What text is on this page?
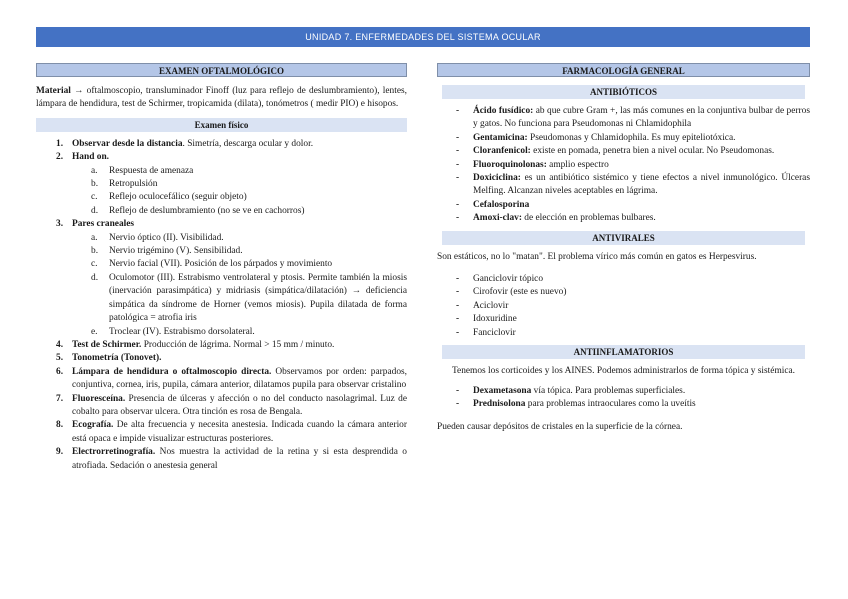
UNIDAD 7. ENFERMEDADES DEL SISTEMA OCULAR
EXAMEN OFTALMOLÓGICO

Material → oftalmoscopio, transluminador Finoff (luz para reflejo de deslumbramiento), lentes, lámpara de hendidura, test de Schirmer, tropicamida (dilata), tonómetros ( medir PIO) e hisopos.

Examen físico
1. Observar desde la distancia. Simetría, descarga ocular y dolor.
2. Hand on.
a. Respuesta de amenaza
b. Retropulsión
c. Reflejo oculocefálico (seguir objeto)
d. Reflejo de deslumbramiento (no se ve en cachorros)
3. Pares craneales
a. Nervio óptico (II). Visibilidad.
b. Nervio trigémino (V). Sensibilidad.
c. Nervio facial (VII). Posición de los párpados y movimiento
d. Oculomotor (III). Estrabismo ventrolateral y ptosis. Permite también la miosis (inervación parasimpática) y midriasis (simpática/dilatación) → deficiencia simpática da síndrome de Horner (vemos miosis). Pupila dilatada de forma patológica = atrofia iris
e. Troclear (IV). Estrabismo dorsolateral.
4. Test de Schirmer. Producción de lágrima. Normal > 15 mm / minuto.
5. Tonometría (Tonovet).
6. Lámpara de hendidura o oftalmoscopio directa. Observamos por orden: parpados, conjuntiva, cornea, iris, pupila, cámara anterior, dilatamos pupila para observar cristalino
7. Fluoresceína. Presencia de úlceras y afección o no del conducto nasolagrimal. Luz de cobalto para observar ulcera. Otra tinción es rosa de Bengala.
8. Ecografía. De alta frecuencia y necesita anestesia. Indicada cuando la cámara anterior está opaca e impide visualizar estructuras posteriores.
9. Electrorretinografía. Nos muestra la actividad de la retina y si esta desprendida o atrofiada. Sedación o anestesia general
FARMACOLOGÍA GENERAL
ANTIBIÓTICOS
- Ácido fusídico: ab que cubre Gram +, las más comunes en la conjuntiva bulbar de perros y gatos. No funciona para Pseudomonas ni Chlamidophila
- Gentamicina: Pseudomonas y Chlamidophila. Es muy epiteliotóxica.
- Cloranfenicol: existe en pomada, penetra bien a nivel ocular. No Pseudomonas.
- Fluoroquinolonas: amplio espectro
- Doxiciclina: es un antibiótico sistémico y tiene efectos a nivel inmunológico. Úlceras Melfing. Alcanzan niveles aceptables en lágrima.
- Cefalosporina
- Amoxi-clav: de elección en problemas bulbares.
ANTIVIRALES

Son estáticos, no lo "matan". El problema vírico más común en gatos es Herpesvirus.

- Ganciclovir tópico
- Cirofovir (este es nuevo)
- Aciclovir
- Idoxuridine
- Fanciclovir
ANTIINFLAMATORIOS

Tenemos los corticoides y los AINES. Podemos administrarlos de forma tópica y sistémica.

- Dexametasona vía tópica. Para problemas superficiales.
- Prednisolona para problemas intraoculares como la uveítis

Pueden causar depósitos de cristales en la superficie de la córnea.
